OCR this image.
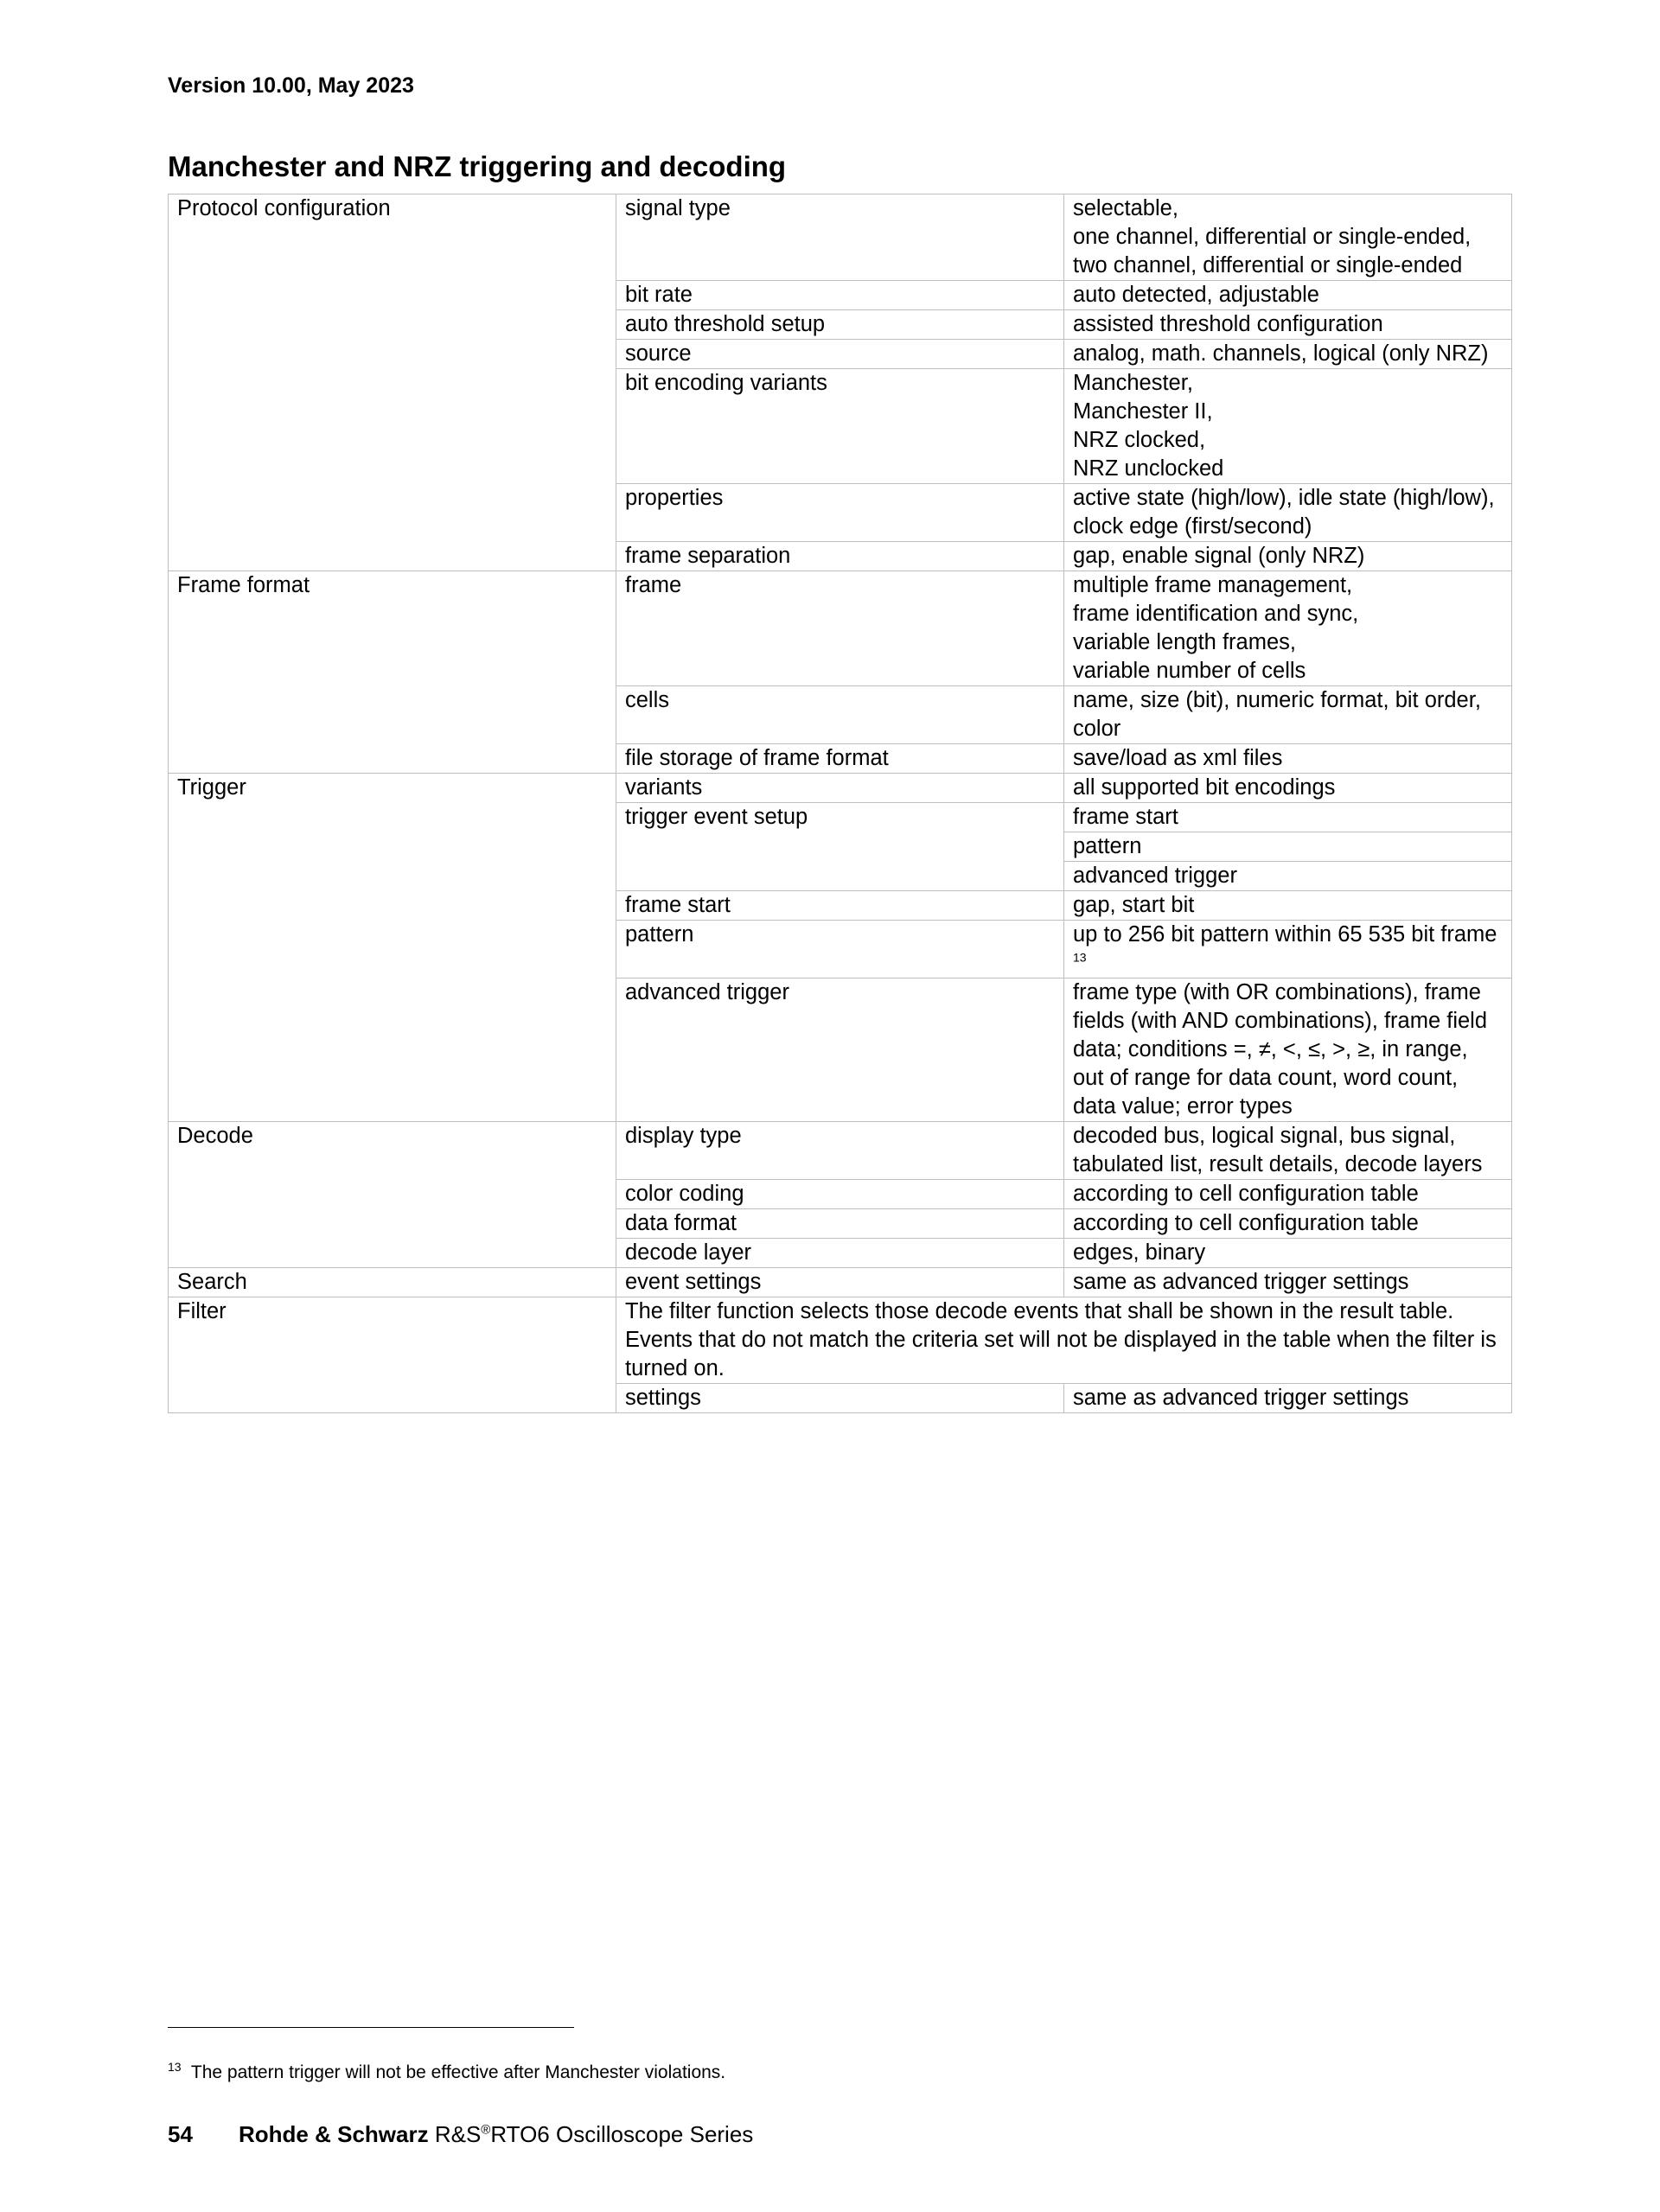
Version 10.00, May 2023
Manchester and NRZ triggering and decoding
Protocol configuration	signal type	selectable,
one channel, differential or single-ended,
two channel, differential or single-ended

	bit rate	auto detected, adjustable

	auto threshold setup	assisted threshold configuration

	source	analog, math. channels, logical (only NRZ)

	bit encoding variants	Manchester,
Manchester II,
NRZ clocked,
NRZ unclocked

	properties	active state (high/low), idle state (high/low), clock edge (first/second)

	frame separation	gap, enable signal (only NRZ)

Frame format	frame	multiple frame management,
frame identification and sync,
variable length frames,
variable number of cells

	cells	name, size (bit), numeric format, bit order, color

	file storage of frame format	save/load as xml files

Trigger	variants	all supported bit encodings

	trigger event setup	frame start
		pattern
		advanced trigger
	frame start	gap, start bit

	pattern	up to 256 bit pattern within 65 535 bit frame $^{13}$

	advanced trigger	frame type (with OR combinations), frame fields (with AND combinations), frame field data; conditions =, ≠, <, ≤, >, ≥, in range, out of range for data count, word count, data value; error types

Decode	display type	decoded bus, logical signal, bus signal, tabulated list, result details, decode layers

	color coding	according to cell configuration table

	data format	according to cell configuration table

	decode layer	edges, binary

Search	event settings	same as advanced trigger settings

Filter	The filter function selects those decode events that shall be shown in the result table. Events that do not match the criteria set will not be displayed in the table when the filter is turned on.	
	settings	same as advanced trigger settings
$^{13}$ The pattern trigger will not be effective after Manchester violations.
54 Rohde & Schwarz R&S®RTO6 Oscilloscope Series
